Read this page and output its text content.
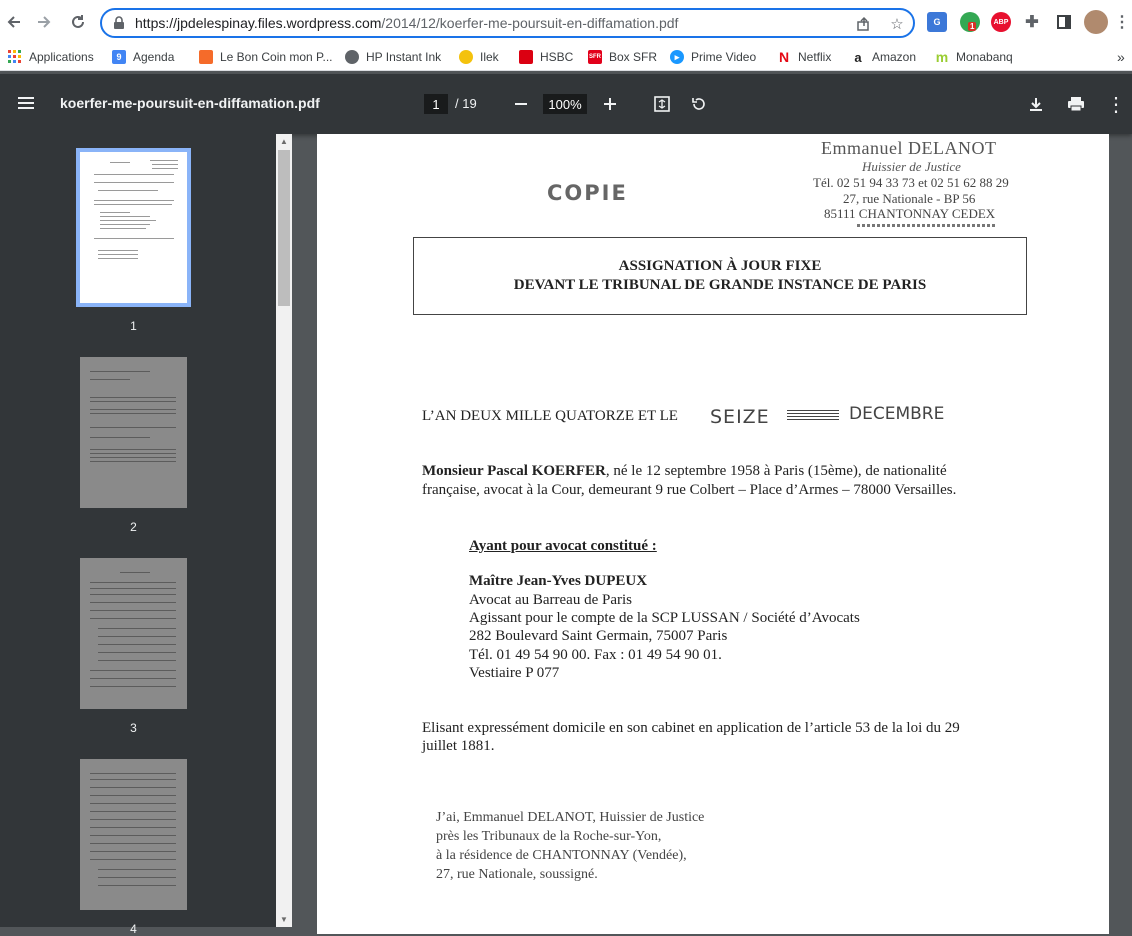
https://jpdelespinay.files.wordpress.com/2014/12/koerfer-me-poursuit-en-diffamation.pdf	☆	G	1	ABP ✚	⋮
Applications	9 Agenda	Le Bon Coin mon P...	HP Instant Ink	Ilek	HSBC	SFR Box SFR	▸ Prime Video N Netflix a Amazon m Monabanq	»
koerfer-me-poursuit-en-diffamation.pdf	1	/ 19	100%	⋮
1
2
3
4
▲
▼
Emmanuel DELANOT
Huissier de Justice
Tél. 02 51 94 33 73 et 02 51 62 88 29
27, rue Nationale - BP 56
85111 CHANTONNAY CEDEX
COPIE
ASSIGNATION À JOUR FIXE
DEVANT LE TRIBUNAL DE GRANDE INSTANCE DE PARIS
L’AN DEUX MILLE QUATORZE ET LE SEIZE	DECEMBRE
Monsieur Pascal KOERFER, né le 12 septembre 1958 à Paris (15ème), de nationalité
française, avocat à la Cour, demeurant 9 rue Colbert – Place d’Armes – 78000 Versailles.
Ayant pour avocat constitué :
Maître Jean-Yves DUPEUX
Avocat au Barreau de Paris
Agissant pour le compte de la SCP LUSSAN / Société d’Avocats
282 Boulevard Saint Germain, 75007 Paris
Tél. 01 49 54 90 00. Fax : 01 49 54 90 01.
Vestiaire P 077
Elisant expressément domicile en son cabinet en application de l’article 53 de la loi du 29
juillet 1881.
J’ai, Emmanuel DELANOT, Huissier de Justice
près les Tribunaux de la Roche-sur-Yon,
à la résidence de CHANTONNAY (Vendée),
27, rue Nationale, soussigné.
